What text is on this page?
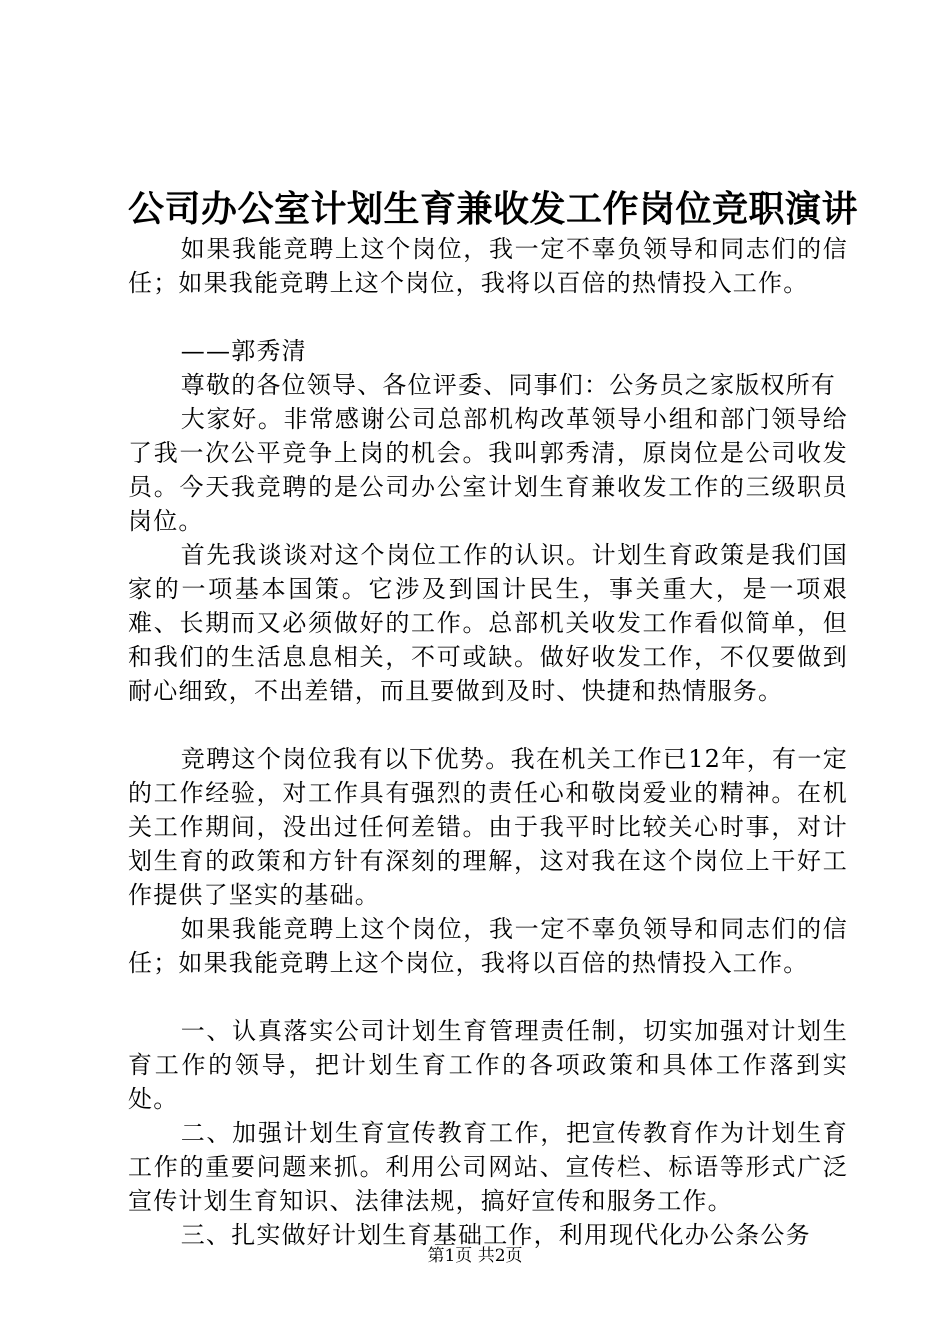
公司办公室计划生育兼收发工作岗位竞职演讲

如果我能竞聘上这个岗位，我一定不辜负领导和同志们的信任；如果我能竞聘上这个岗位，我将以百倍的热情投入工作。

——郭秀清

尊敬的各位领导、各位评委、同事们：公务员之家版权所有

大家好。非常感谢公司总部机构改革领导小组和部门领导给了我一次公平竞争上岗的机会。我叫郭秀清，原岗位是公司收发员。今天我竞聘的是公司办公室计划生育兼收发工作的三级职员岗位。

首先我谈谈对这个岗位工作的认识。计划生育政策是我们国家的一项基本国策。它涉及到国计民生，事关重大，是一项艰难、长期而又必须做好的工作。总部机关收发工作看似简单，但和我们的生活息息相关，不可或缺。做好收发工作，不仅要做到耐心细致，不出差错，而且要做到及时、快捷和热情服务。

竞聘这个岗位我有以下优势。我在机关工作已12年，有一定的工作经验，对工作具有强烈的责任心和敬岗爱业的精神。在机关工作期间，没出过任何差错。由于我平时比较关心时事，对计划生育的政策和方针有深刻的理解，这对我在这个岗位上干好工作提供了坚实的基础。

如果我能竞聘上这个岗位，我一定不辜负领导和同志们的信任；如果我能竞聘上这个岗位，我将以百倍的热情投入工作。

一、认真落实公司计划生育管理责任制，切实加强对计划生育工作的领导，把计划生育工作的各项政策和具体工作落到实处。

二、加强计划生育宣传教育工作，把宣传教育作为计划生育工作的重要问题来抓。利用公司网站、宣传栏、标语等形式广泛宣传计划生育知识、法律法规，搞好宣传和服务工作。

三、扎实做好计划生育基础工作，利用现代化办公条公务

第1页 共2页
